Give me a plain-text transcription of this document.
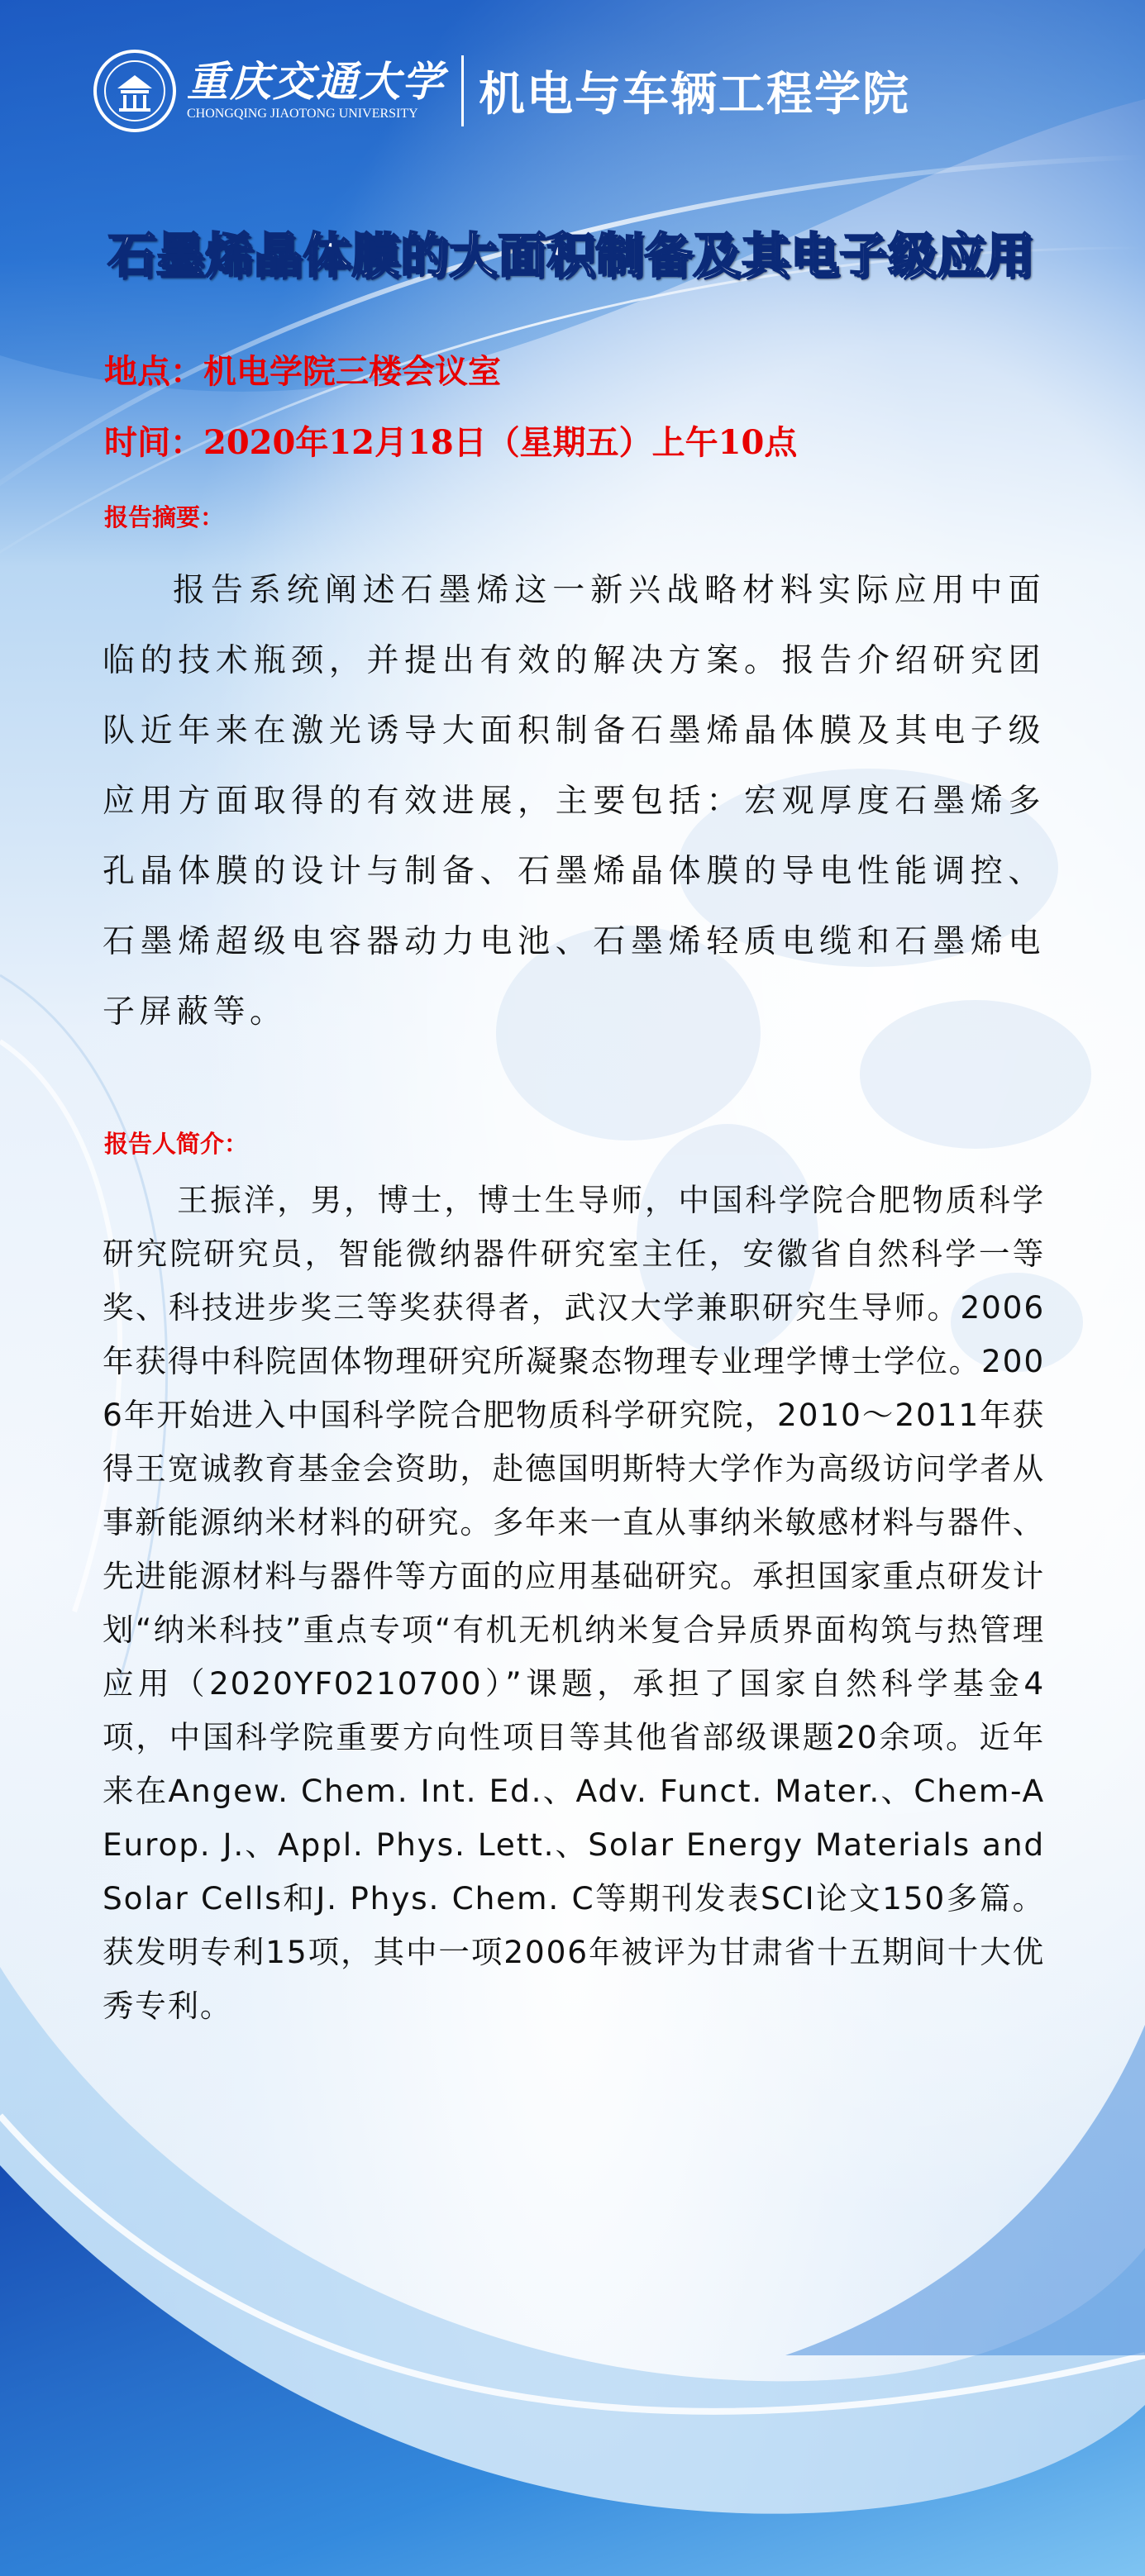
重庆交通大学
CHONGQING JIAOTONG UNIVERSITY	机电与车辆工程学院
石墨烯晶体膜的大面积制备及其电子级应用
地点：机电学院三楼会议室
时间：2020年12月18日（星期五）上午10点
报告摘要：

报告系统阐述石墨烯这一新兴战略材料实际应用中面临的技术瓶颈，并提出有效的解决方案。报告介绍研究团队近年来在激光诱导大面积制备石墨烯晶体膜及其电子级应用方面取得的有效进展，主要包括：宏观厚度石墨烯多孔晶体膜的设计与制备、石墨烯晶体膜的导电性能调控、石墨烯超级电容器动力电池、石墨烯轻质电缆和石墨烯电子屏蔽等。

报告人简介：

王振洋，男，博士，博士生导师，中国科学院合肥物质科学研究院研究员，智能微纳器件研究室主任，安徽省自然科学一等奖、科技进步奖三等奖获得者，武汉大学兼职研究生导师。2006年获得中科院固体物理研究所凝聚态物理专业理学博士学位。2006年开始进入中国科学院合肥物质科学研究院，2010～2011年获得王宽诚教育基金会资助，赴德国明斯特大学作为高级访问学者从事新能源纳米材料的研究。多年来一直从事纳米敏感材料与器件、先进能源材料与器件等方面的应用基础研究。承担国家重点研发计划“纳米科技”重点专项“有机无机纳米复合异质界面构筑与热管理应用（2020YF0210700）”课题，承担了国家自然科学基金4项，中国科学院重要方向性项目等其他省部级课题20余项。近年来在Angew. Chem. Int. Ed.、Adv. Funct. Mater.、Chem-A Europ. J.、Appl. Phys. Lett.、Solar Energy Materials and Solar Cells和J. Phys. Chem. C等期刊发表SCI论文150多篇。获发明专利15项，其中一项2006年被评为甘肃省十五期间十大优秀专利。
